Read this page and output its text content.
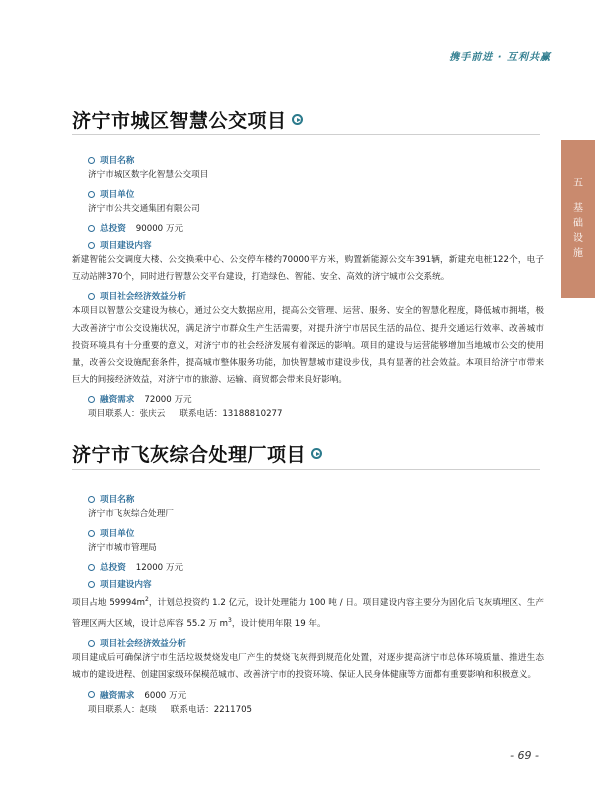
携手前进 · 互利共赢
五
基
础
设
施
济宁市城区智慧公交项目
项目名称
济宁市城区数字化智慧公交项目
项目单位
济宁市公共交通集团有限公司
总投资 90000 万元
项目建设内容
新建智能公交调度大楼、公交换乘中心、公交停车楼约70000平方米，购置新能源公交车391辆，新建充电桩122个，电子互动站牌370个，同时进行智慧公交平台建设，打造绿色、智能、安全、高效的济宁城市公交系统。
项目社会经济效益分析
本项目以智慧公交建设为核心，通过公交大数据应用，提高公交管理、运营、服务、安全的智慧化程度，降低城市拥堵，极大改善济宁市公交设施状况，满足济宁市群众生产生活需要，对提升济宁市居民生活的品位、提升交通运行效率、改善城市投资环境具有十分重要的意义，对济宁市的社会经济发展有着深远的影响。项目的建设与运营能够增加当地城市公交的使用量，改善公交设施配套条件，提高城市整体服务功能，加快智慧城市建设步伐，具有显著的社会效益。本项目给济宁市带来巨大的间接经济效益，对济宁市的旅游、运输、商贸都会带来良好影响。
融资需求 72000 万元
项目联系人：张庆云 联系电话：13188810277
济宁市飞灰综合处理厂项目
项目名称
济宁市飞灰综合处理厂
项目单位
济宁市城市管理局
总投资 12000 万元
项目建设内容
项目占地 $59994m^2$，计划总投资约 1.2 亿元，设计处理能力 100 吨 / 日。项目建设内容主要分为固化后飞灰填埋区、生产管理区两大区域，设计总库容 55.2 万 $m^3$，设计使用年限 19 年。
项目社会经济效益分析
项目建成后可确保济宁市生活垃圾焚烧发电厂产生的焚烧飞灰得到规范化处置，对逐步提高济宁市总体环境质量、推进生态城市的建设进程、创建国家级环保模范城市、改善济宁市的投资环境、保证人民身体健康等方面都有重要影响和积极意义。
融资需求 6000 万元
项目联系人：赵琰 联系电话：2211705
- 69 -
